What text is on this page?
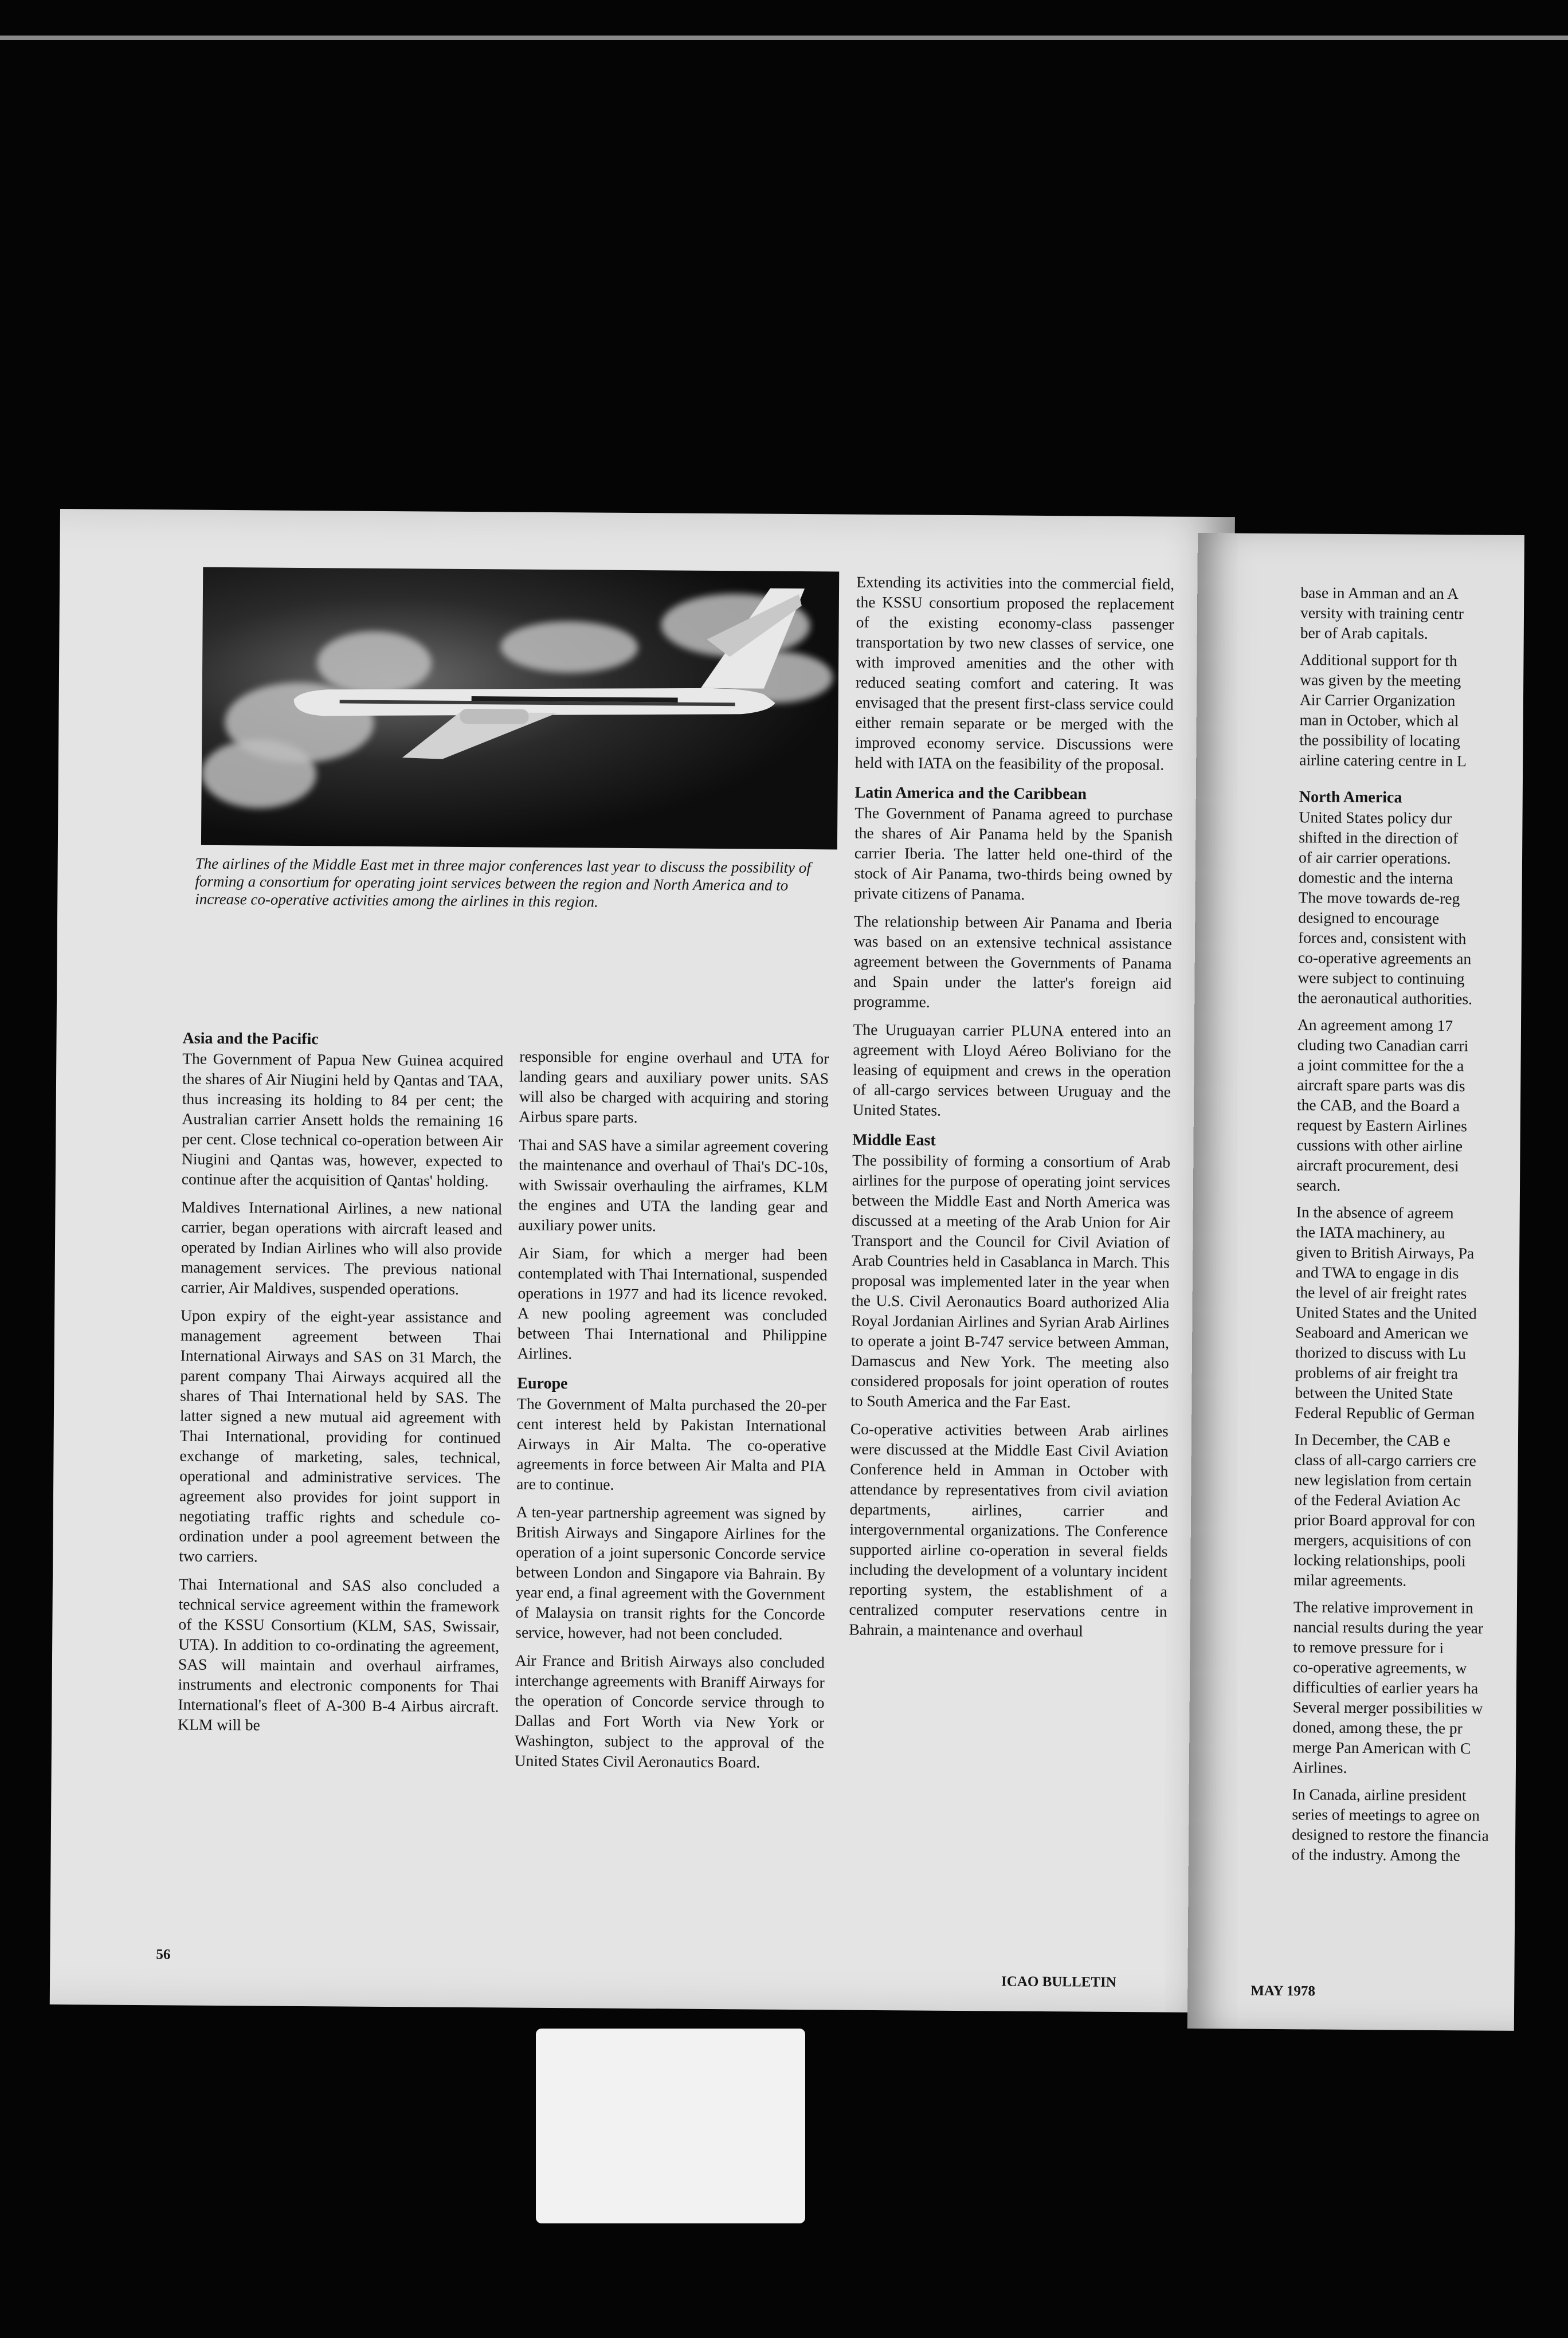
The airlines of the Middle East met in three major conferences last year to discuss the possibility of forming a consortium for operating joint services between the region and North America and to increase co-operative activities among the airlines in this region.
Asia and the Pacific

The Government of Papua New Guinea acquired the shares of Air Niugini held by Qantas and TAA, thus increasing its holding to 84 per cent; the Australian carrier Ansett holds the remaining 16 per cent. Close technical co-operation between Air Niugini and Qantas was, however, expected to continue after the acquisition of Qantas' holding.

Maldives International Airlines, a new national carrier, began operations with aircraft leased and operated by Indian Airlines who will also provide management services. The previous national carrier, Air Maldives, suspended operations.

Upon expiry of the eight-year assistance and management agreement between Thai International Airways and SAS on 31 March, the parent company Thai Airways acquired all the shares of Thai International held by SAS. The latter signed a new mutual aid agreement with Thai International, providing for continued exchange of marketing, sales, technical, operational and administrative services. The agreement also provides for joint support in negotiating traffic rights and schedule co-ordination under a pool agreement between the two carriers.

Thai International and SAS also concluded a technical service agreement within the framework of the KSSU Consortium (KLM, SAS, Swissair, UTA). In addition to co-ordinating the agreement, SAS will maintain and overhaul airframes, instruments and electronic components for Thai International's fleet of A-300 B-4 Airbus aircraft. KLM will be

responsible for engine overhaul and UTA for landing gears and auxiliary power units. SAS will also be charged with acquiring and storing Airbus spare parts.

Thai and SAS have a similar agreement covering the maintenance and overhaul of Thai's DC-10s, with Swissair overhauling the airframes, KLM the engines and UTA the landing gear and auxiliary power units.

Air Siam, for which a merger had been contemplated with Thai International, suspended operations in 1977 and had its licence revoked. A new pooling agreement was concluded between Thai International and Philippine Airlines.

Europe

The Government of Malta purchased the 20-per cent interest held by Pakistan International Airways in Air Malta. The co-operative agreements in force between Air Malta and PIA are to continue.

A ten-year partnership agreement was signed by British Airways and Singapore Airlines for the operation of a joint supersonic Concorde service between London and Singapore via Bahrain. By year end, a final agreement with the Government of Malaysia on transit rights for the Concorde service, however, had not been concluded.

Air France and British Airways also concluded interchange agreements with Braniff Airways for the operation of Concorde service through to Dallas and Fort Worth via New York or Washington, subject to the approval of the United States Civil Aeronautics Board.

Extending its activities into the commercial field, the KSSU consortium proposed the replacement of the existing economy-class passenger transportation by two new classes of service, one with improved amenities and the other with reduced seating comfort and catering. It was envisaged that the present first-class service could either remain separate or be merged with the improved economy service. Discussions were held with IATA on the feasibility of the proposal.

Latin America and the Caribbean

The Government of Panama agreed to purchase the shares of Air Panama held by the Spanish carrier Iberia. The latter held one-third of the stock of Air Panama, two-thirds being owned by private citizens of Panama.

The relationship between Air Panama and Iberia was based on an extensive technical assistance agreement between the Governments of Panama and Spain under the latter's foreign aid programme.

The Uruguayan carrier PLUNA entered into an agreement with Lloyd Aéreo Boliviano for the leasing of equipment and crews in the operation of all-cargo services between Uruguay and the United States.

Middle East

The possibility of forming a consortium of Arab airlines for the purpose of operating joint services between the Middle East and North America was discussed at a meeting of the Arab Union for Air Transport and the Council for Civil Aviation of Arab Countries held in Casablanca in March. This proposal was implemented later in the year when the U.S. Civil Aeronautics Board authorized Alia Royal Jordanian Airlines and Syrian Arab Airlines to operate a joint B-747 service between Amman, Damascus and New York. The meeting also considered proposals for joint operation of routes to South America and the Far East.

Co-operative activities between Arab airlines were discussed at the Middle East Civil Aviation Conference held in Amman in October with attendance by representatives from civil aviation departments, airlines, carrier and intergovernmental organizations. The Conference supported airline co-operation in several fields including the development of a voluntary incident reporting system, the establishment of a centralized computer reservations centre in Bahrain, a maintenance and overhaul

56
ICAO BULLETIN
base in Amman and an A
versity with training centr
ber of Arab capitals.
Additional support for th
was given by the meeting
Air Carrier Organization
man in October, which al
the possibility of locating
airline catering centre in L
North America
United States policy dur
shifted in the direction of
of air carrier operations.
domestic and the interna
The move towards de-reg
designed to encourage
forces and, consistent with
co-operative agreements an
were subject to continuing
the aeronautical authorities.
An agreement among 17
cluding two Canadian carri
a joint committee for the a
aircraft spare parts was dis
the CAB, and the Board a
request by Eastern Airlines
cussions with other airline
aircraft procurement, desi
search.
In the absence of agreem
the IATA machinery, au
given to British Airways, Pa
and TWA to engage in dis
the level of air freight rates
United States and the United
Seaboard and American we
thorized to discuss with Lu
problems of air freight tra
between the United State
Federal Republic of German
In December, the CAB e
class of all-cargo carriers cre
new legislation from certain
of the Federal Aviation Ac
prior Board approval for con
mergers, acquisitions of con
locking relationships, pooli
milar agreements.
The relative improvement in
nancial results during the year
to remove pressure for i
co-operative agreements, w
difficulties of earlier years ha
Several merger possibilities w
doned, among these, the pr
merge Pan American with C
Airlines.
In Canada, airline president
series of meetings to agree on
designed to restore the financia
of the industry. Among the
MAY 1978
